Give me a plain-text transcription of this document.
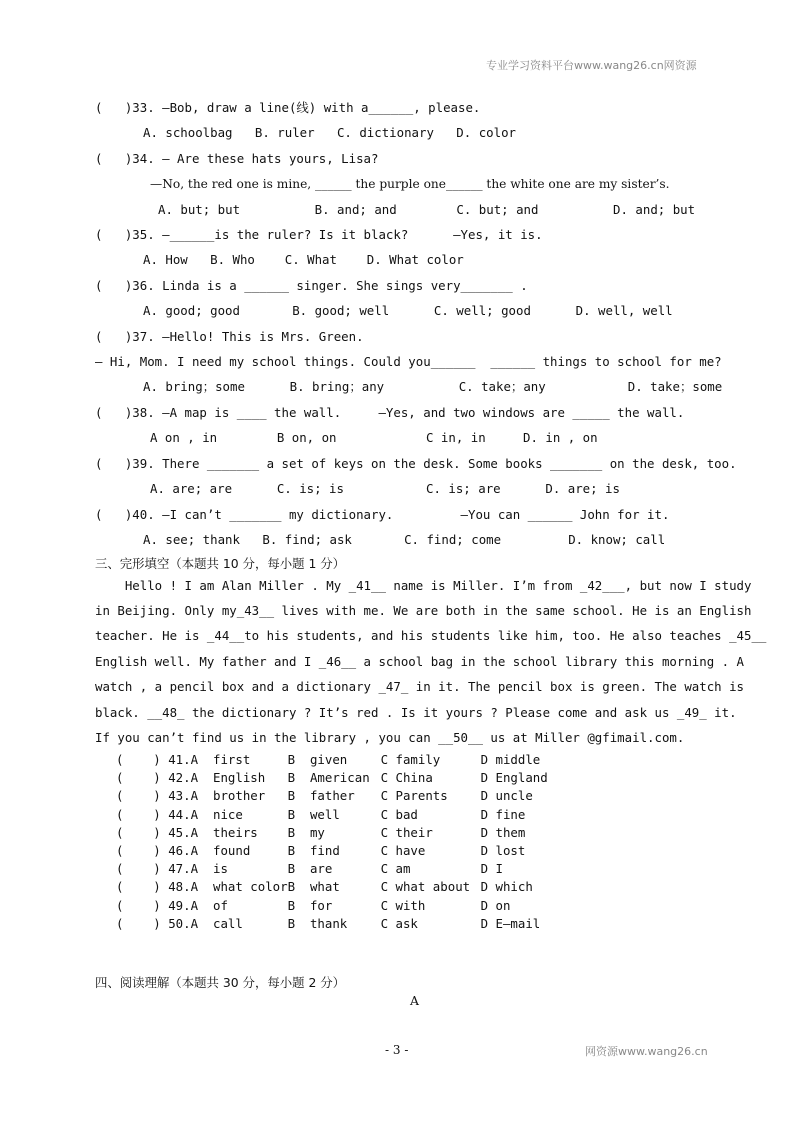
专业学习资料平台www.wang26.cn网资源
(   )33. —Bob, draw a line(线) with a______, please.
A. schoolbag   B. ruler   C. dictionary   D. color
(   )34. — Are these hats yours, Lisa?
—No, the red one is mine, ______ the purple one______ the white one are my sister’s.
A. but; but          B. and; and        C. but; and          D. and; but
(   )35. —______is the ruler? Is it black?      —Yes, it is.
A. How   B. Who    C. What    D. What color
(   )36. Linda is a ______ singer. She sings very_______ .
A. good; good       B. good; well      C. well; good      D. well, well
(   )37. —Hello! This is Mrs. Green.
— Hi, Mom. I need my school things. Could you______  ______ things to school for me?
A. bring；some      B. bring；any          C. take；any           D. take；some
(   )38. —A map is ____ the wall.     —Yes, and two windows are _____ the wall.
A on , in        B on, on            C in, in     D. in , on
(   )39. There _______ a set of keys on the desk. Some books _______ on the desk, too.
A. are; are      C. is; is           C. is; are      D. are; is
(   )40. —I can’t _______ my dictionary.         —You can ______ John for it.
A. see; thank   B. find; ask       C. find; come         D. know; call
三、完形填空（本题共 10 分，每小题 1 分）
Hello ! I am Alan Miller . My _41__ name is Miller. I’m from _42___, but now I study
in Beijing. Only my_43__ lives with me. We are both in the same school. He is an English
teacher. He is _44__to his students, and his students like him, too. He also teaches _45__
English well. My father and I _46__ a school bag in the school library this morning . A
watch , a pencil box and a dictionary _47_ in it. The pencil box is green. The watch is
black. __48_ the dictionary ? It’s red . Is it yours ? Please come and ask us _49_ it.
If you can’t find us in the library , you can __50__ us at Miller @gfimail.com.
(    ) 41.	A  first	B  given	C family	D middle
(    ) 42.	A  English	B  American	C China	D England
(    ) 43.	A  brother	B  father	C Parents	D uncle
(    ) 44.	A  nice	B  well	C bad	D fine
(    ) 45.	A  theirs	B  my	C their	D them
(    ) 46.	A  found	B  find	C have	D lost
(    ) 47.	A  is	B  are	C am	D I
(    ) 48.	A  what color	B  what	C what about	D which
(    ) 49.	A  of	B  for	C with	D on
(    ) 50.	A  call	B  thank	C ask	D E—mail
四、阅读理解（本题共 30 分，每小题 2 分）
A
- 3 -	网资源www.wang26.cn
